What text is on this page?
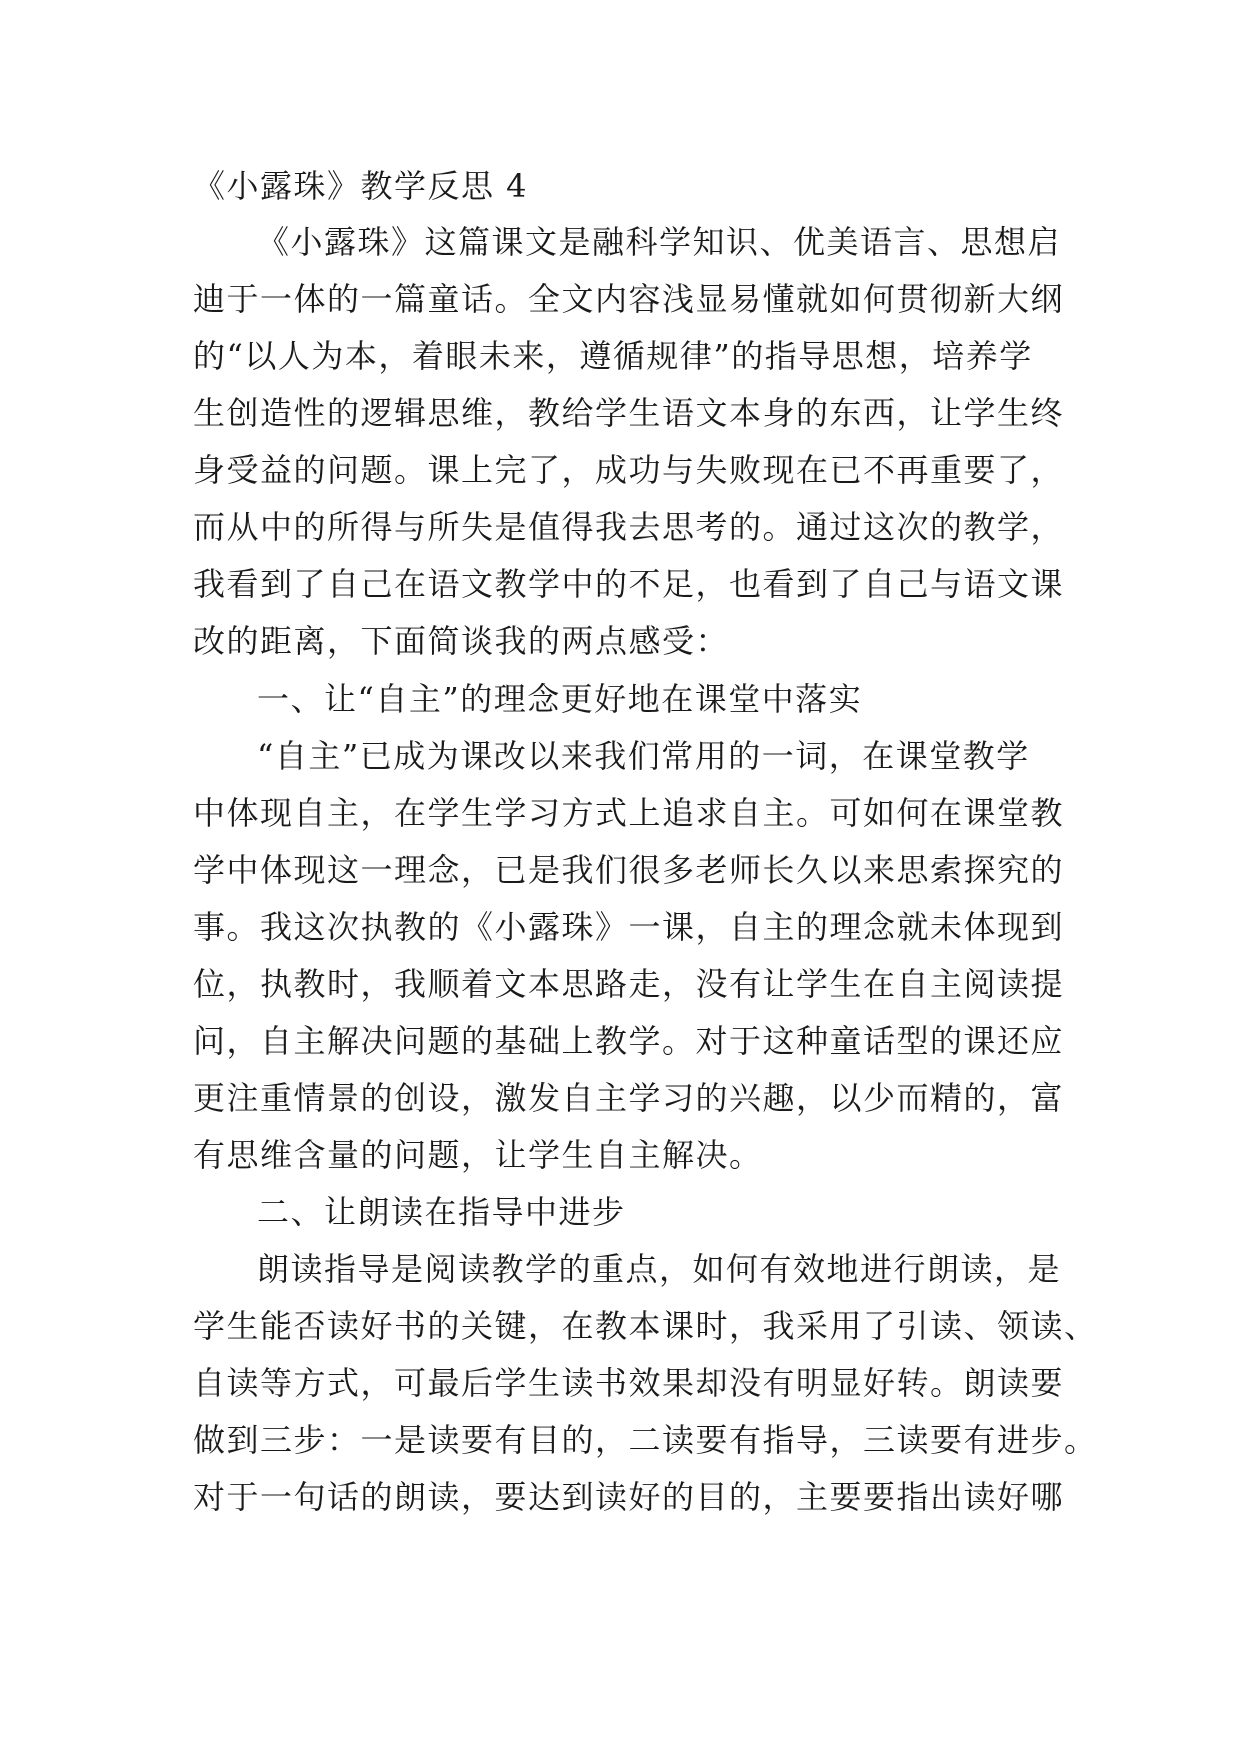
《小露珠》教学反思 4
《小露珠》这篇课文是融科学知识、优美语言、思想启
迪于一体的一篇童话。全文内容浅显易懂就如何贯彻新大纲
的“以人为本，着眼未来，遵循规律”的指导思想，培养学
生创造性的逻辑思维，教给学生语文本身的东西，让学生终
身受益的问题。课上完了，成功与失败现在已不再重要了，
而从中的所得与所失是值得我去思考的。通过这次的教学，
我看到了自己在语文教学中的不足，也看到了自己与语文课
改的距离，下面简谈我的两点感受：
一、让“自主”的理念更好地在课堂中落实
“自主”已成为课改以来我们常用的一词，在课堂教学
中体现自主，在学生学习方式上追求自主。可如何在课堂教
学中体现这一理念，已是我们很多老师长久以来思索探究的
事。我这次执教的《小露珠》一课，自主的理念就未体现到
位，执教时，我顺着文本思路走，没有让学生在自主阅读提
问，自主解决问题的基础上教学。对于这种童话型的课还应
更注重情景的创设，激发自主学习的兴趣，以少而精的，富
有思维含量的问题，让学生自主解决。
二、让朗读在指导中进步
朗读指导是阅读教学的重点，如何有效地进行朗读，是
学生能否读好书的关键，在教本课时，我采用了引读、领读、
自读等方式，可最后学生读书效果却没有明显好转。朗读要
做到三步：一是读要有目的，二读要有指导，三读要有进步。
对于一句话的朗读，要达到读好的目的，主要要指出读好哪
